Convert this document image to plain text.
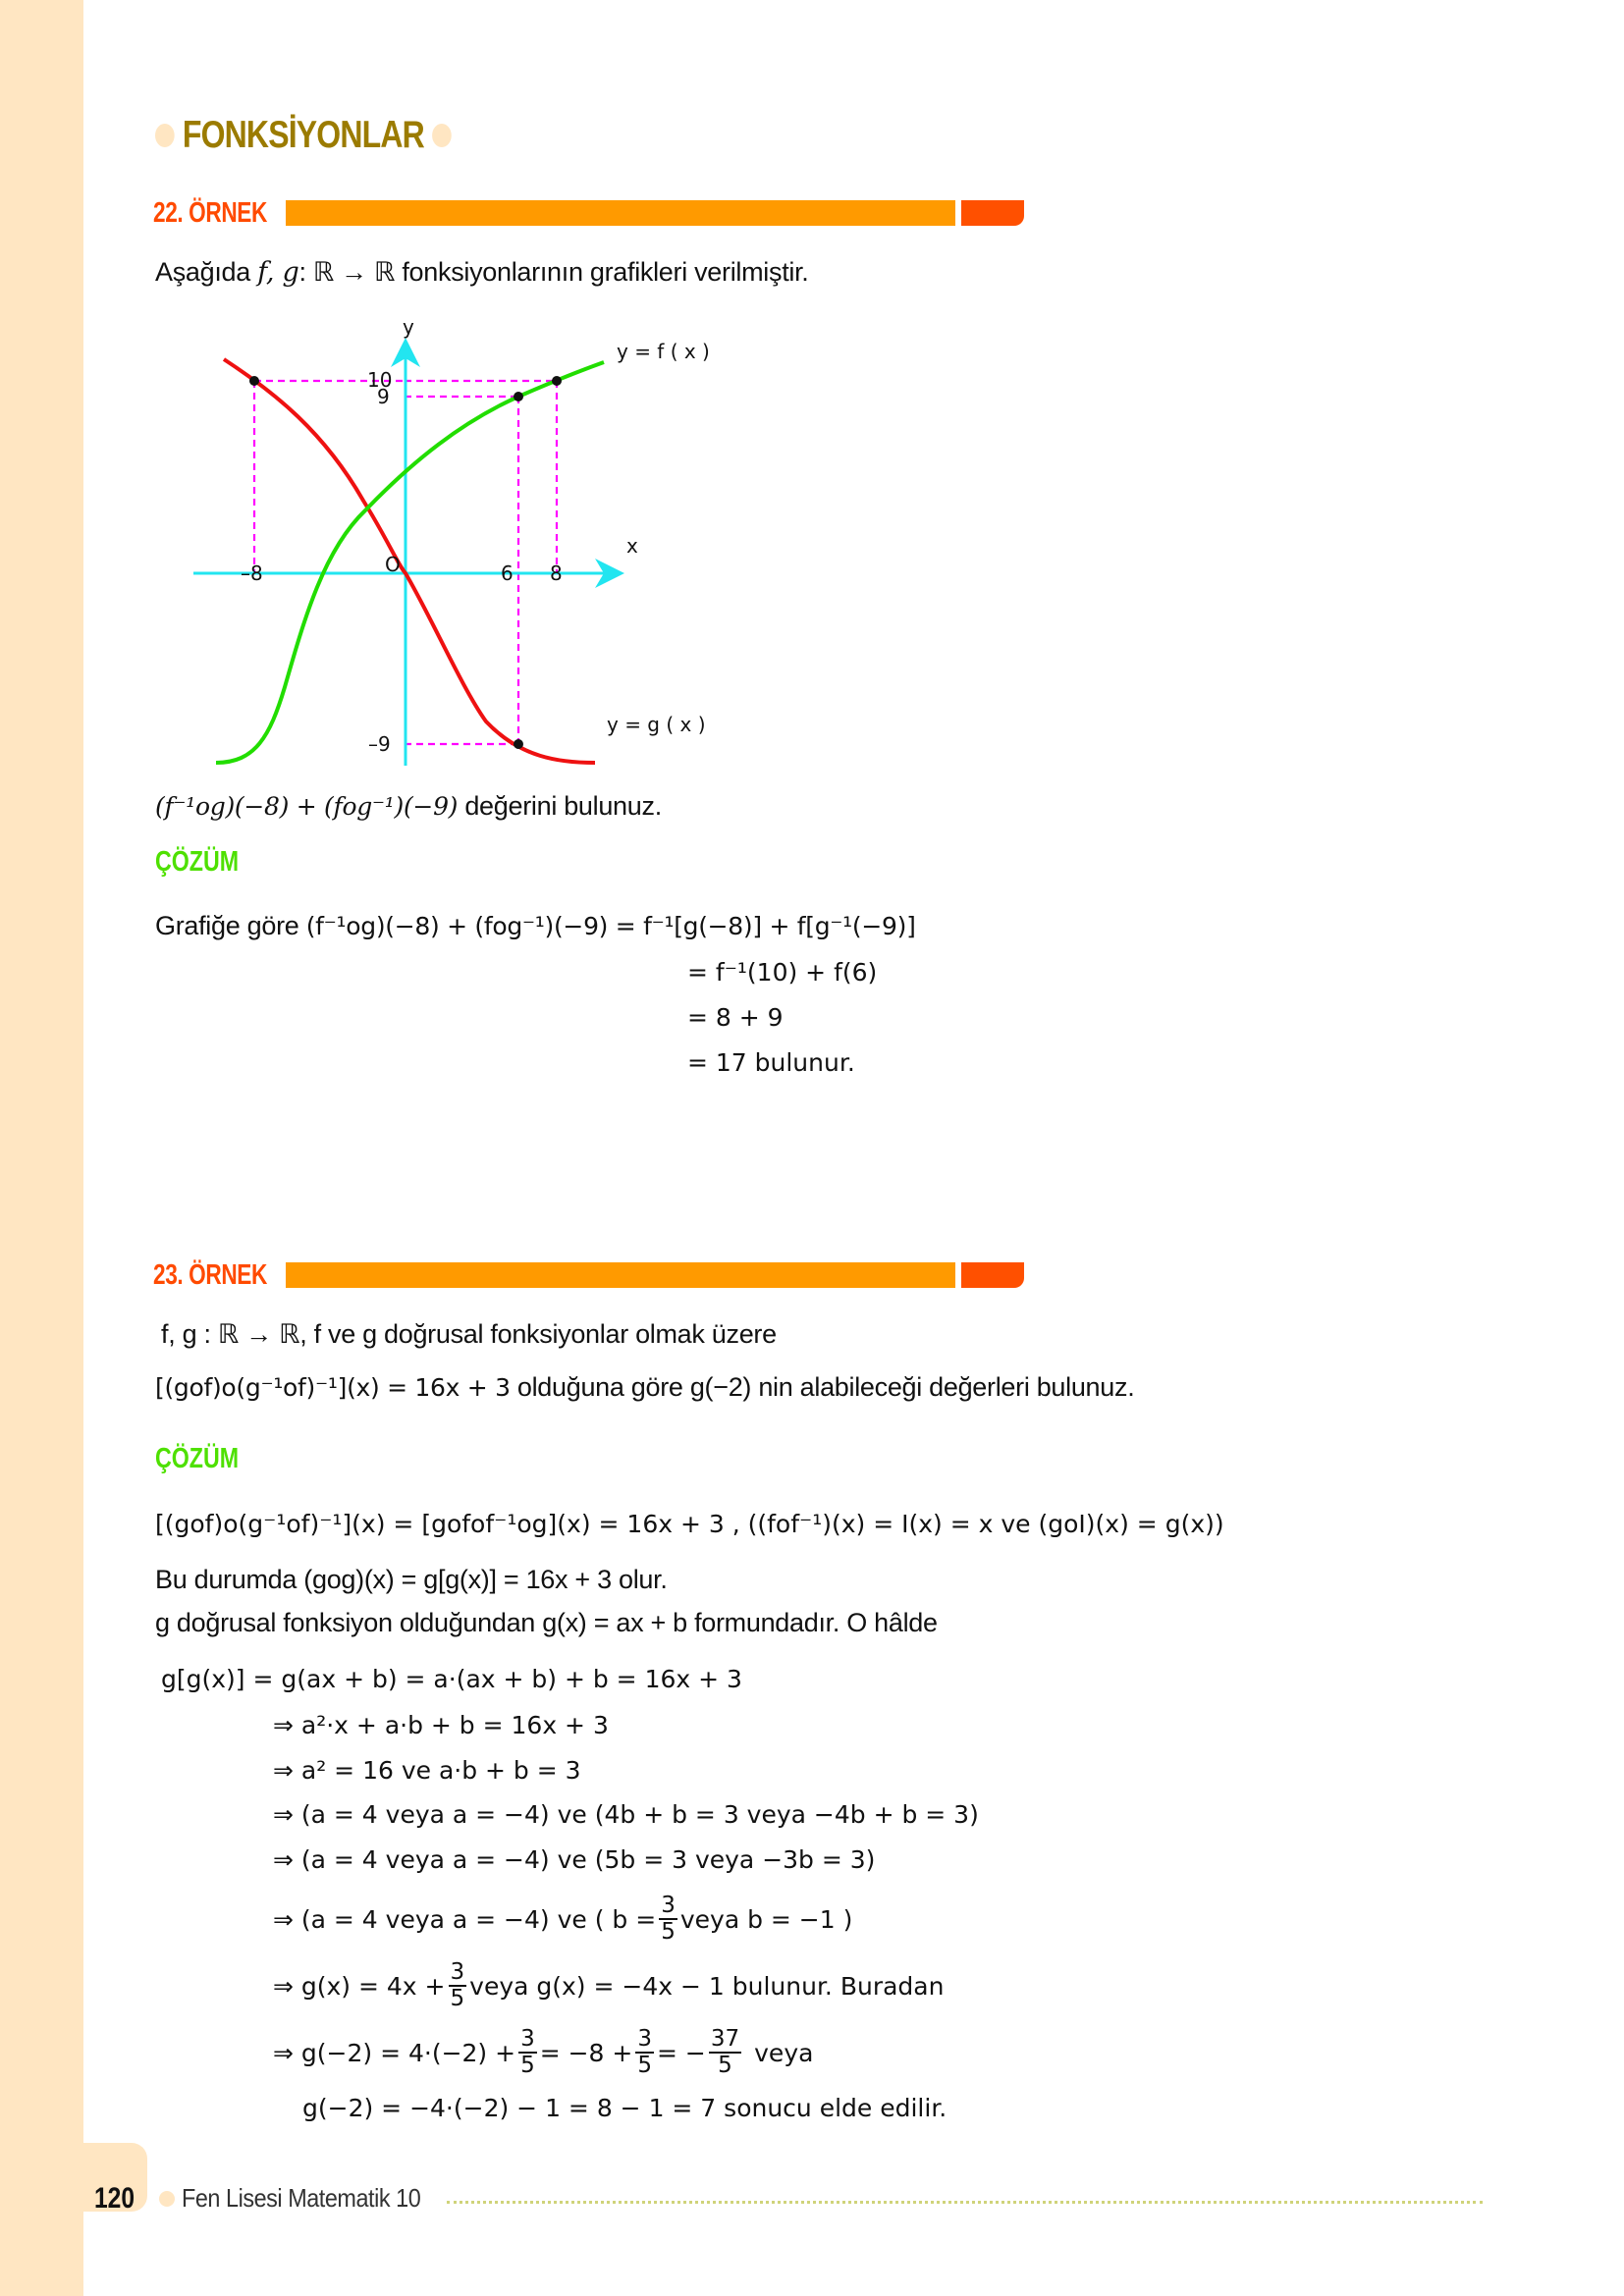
FONKSİYONLAR
22. ÖRNEK
Aşağıda f, g: ℝ → ℝ fonksiyonlarının grafikleri verilmiştir.
y
x
O
–8	6 8
10
9
–9
y = f ( x )
y = g ( x )
(f⁻¹og)(−8) + (fog⁻¹)(−9) değerini bulunuz.
ÇÖZÜM
Grafiğe göre (f⁻¹og)(−8) + (fog⁻¹)(−9) = f⁻¹[g(−8)] + f[g⁻¹(−9)]
= f⁻¹(10) + f(6)
= 8 + 9
= 17 bulunur.
23. ÖRNEK
f, g : ℝ → ℝ, f ve g doğrusal fonksiyonlar olmak üzere
[(gof)o(g⁻¹of)⁻¹](x) = 16x + 3 olduğuna göre g(−2) nin alabileceği değerleri bulunuz.
ÇÖZÜM
[(gof)o(g⁻¹of)⁻¹](x) = [gofof⁻¹og](x) = 16x + 3 , ((fof⁻¹)(x) = I(x) = x ve (goI)(x) = g(x))
Bu durumda (gog)(x) = g[g(x)] = 16x + 3 olur.
g doğrusal fonksiyon olduğundan g(x) = ax + b formundadır. O hâlde
g[g(x)] = g(ax + b) = a·(ax + b) + b = 16x + 3
⇒ a²·x + a·b + b = 16x + 3
⇒ a² = 16 ve a·b + b = 3
⇒ (a = 4 veya a = −4) ve (4b + b = 3 veya −4b + b = 3)
⇒ (a = 4 veya a = −4) ve (5b = 3 veya −3b = 3)
⇒ (a = 4 veya a = −4) ve ( $b = \frac{3}{5}$ veya b = −1 )
⇒ $g(x) = 4x + \frac{3}{5}$ veya g(x) = −4x − 1 bulunur. Buradan
⇒ $g(-2) = 4\cdot(-2) + \frac{3}{5} = -8 + \frac{3}{5}$ = − $\frac{37}{5}$ veya
g(−2) = −4·(−2) − 1 = 8 − 1 = 7 sonucu elde edilir.
120 Fen Lisesi Matematik 10
